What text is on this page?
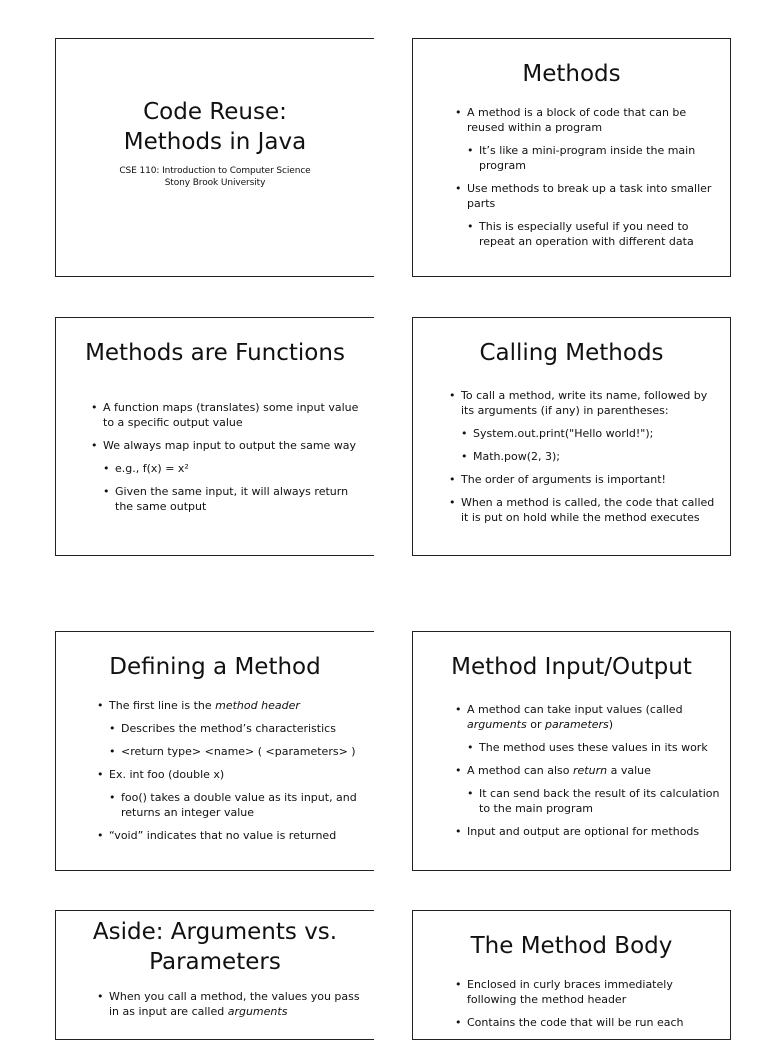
Code Reuse:
Methods in Java
CSE 110: Introduction to Computer Science
Stony Brook University
Methods
• A method is a block of code that can be reused within a program
• It’s like a mini-program inside the main program
• Use methods to break up a task into smaller parts
• This is especially useful if you need to repeat an operation with different data
Methods are Functions
• A function maps (translates) some input value to a specific output value
• We always map input to output the same way
• e.g., f(x) = x²
• Given the same input, it will always return the same output
Calling Methods
• To call a method, write its name, followed by its arguments (if any) in parentheses:
• System.out.print("Hello world!");
• Math.pow(2, 3);
• The order of arguments is important!
• When a method is called, the code that called it is put on hold while the method executes
Defining a Method
• The first line is the method header
• Describes the method’s characteristics
• <return type> <name> ( <parameters> )
• Ex. int foo (double x)
• foo() takes a double value as its input, and returns an integer value
• “void” indicates that no value is returned
Method Input/Output
• A method can take input values (called arguments or parameters)
• The method uses these values in its work
• A method can also return a value
• It can send back the result of its calculation to the main program
• Input and output are optional for methods
Aside: Arguments vs.
Parameters
• When you call a method, the values you pass in as input are called arguments
The Method Body
• Enclosed in curly braces immediately following the method header
• Contains the code that will be run each
